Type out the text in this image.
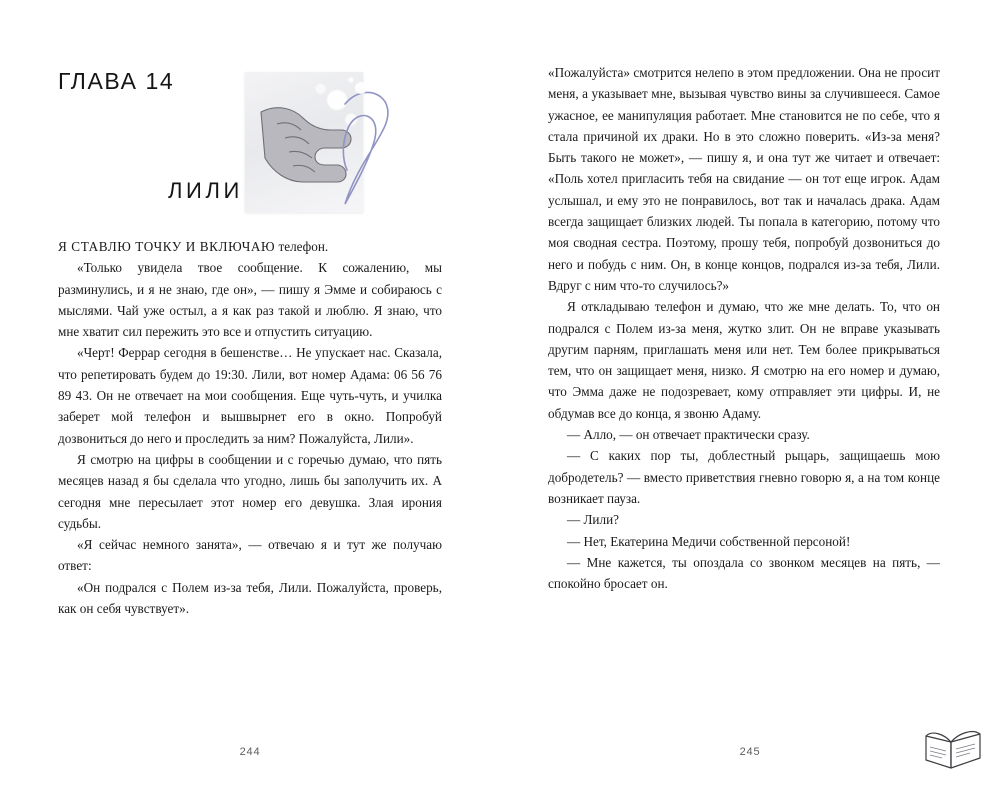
ГЛАВА 14
ЛИЛИ

Я СТАВЛЮ ТОЧКУ И ВКЛЮЧАЮ телефон.

«Только увидела твое сообщение. К сожалению, мы разминулись, и я не знаю, где он», — пишу я Эмме и собираюсь с мыслями. Чай уже остыл, а я как раз такой и люблю. Я знаю, что мне хватит сил пережить это все и отпустить ситуацию.

«Черт! Феррар сегодня в бешенстве… Не упускает нас. Сказала, что репетировать будем до 19:30. Лили, вот номер Адама: 06 56 76 89 43. Он не отвечает на мои сообщения. Еще чуть-чуть, и училка заберет мой телефон и вышвырнет его в окно. Попробуй дозвониться до него и проследить за ним? Пожалуйста, Лили».

Я смотрю на цифры в сообщении и с горечью думаю, что пять месяцев назад я бы сделала что угодно, лишь бы заполучить их. А сегодня мне пересылает этот номер его девушка. Злая ирония судьбы.

«Я сейчас немного занята», — отвечаю я и тут же получаю ответ:

«Он подрался с Полем из-за тебя, Лили. Пожалуйста, проверь, как он себя чувствует».

244

«Пожалуйста» смотрится нелепо в этом предложении. Она не просит меня, а указывает мне, вызывая чувство вины за случившееся. Самое ужасное, ее манипуляция работает. Мне становится не по себе, что я стала причиной их драки. Но в это сложно поверить. «Из-за меня? Быть такого не может», — пишу я, и она тут же читает и отвечает: «Поль хотел пригласить тебя на свидание — он тот еще игрок. Адам услышал, и ему это не понравилось, вот так и началась драка. Адам всегда защищает близких людей. Ты попала в категорию, потому что моя сводная сестра. Поэтому, прошу тебя, попробуй дозвониться до него и побудь с ним. Он, в конце концов, подрался из-за тебя, Лили. Вдруг с ним что-то случилось?»

Я откладываю телефон и думаю, что же мне делать. То, что он подрался с Полем из-за меня, жутко злит. Он не вправе указывать другим парням, приглашать меня или нет. Тем более прикрываться тем, что он защищает меня, низко. Я смотрю на его номер и думаю, что Эмма даже не подозревает, кому отправляет эти цифры. И, не обдумав все до конца, я звоню Адаму.

— Алло, — он отвечает практически сразу.

— С каких пор ты, доблестный рыцарь, защищаешь мою добродетель? — вместо приветствия гневно говорю я, а на том конце возникает пауза.

— Лили?

— Нет, Екатерина Медичи собственной персоной!

— Мне кажется, ты опоздала со звонком месяцев на пять, — спокойно бросает он.

245
